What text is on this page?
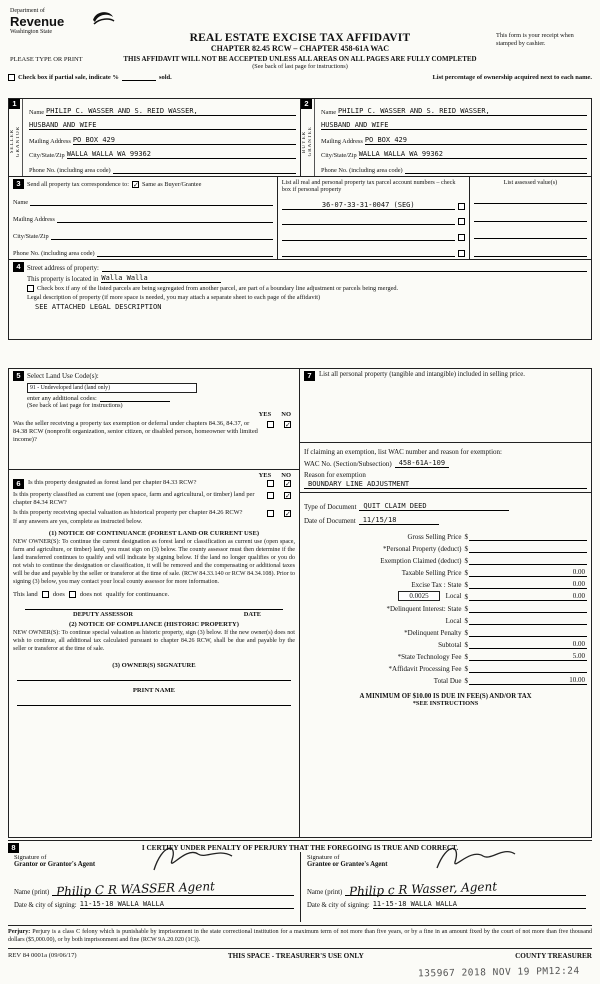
Department of
Revenue
Washington State	REAL ESTATE EXCISE TAX AFFIDAVIT
CHAPTER 82.45 RCW – CHAPTER 458-61A WAC
This form is your receipt when stamped by cashier.
PLEASE TYPE OR PRINT	THIS AFFIDAVIT WILL NOT BE ACCEPTED UNLESS ALL AREAS ON ALL PAGES ARE FULLY COMPLETED
(See back of last page for instructions)
Check box if partial sale, indicate %	sold.	List percentage of ownership acquired next to each name.
1
SELLER GRANTOR
Name PHILIP C. WASSER AND S. REID WASSER,
HUSBAND AND WIFE
Mailing Address PO BOX 429
City/State/Zip WALLA WALLA WA 99362
Phone No. (including area code)
2
BUYER GRANTEE
Name PHILIP C. WASSER AND S. REID WASSER,
HUSBAND AND WIFE
Mailing Address PO BOX 429
City/State/Zip WALLA WALLA WA 99362
Phone No. (including area code)
3	Send all property tax correspondence to: ✓ Same as Buyer/Grantee
Name
Mailing Address
City/State/Zip
Phone No. (including area code)
List all real and personal property tax parcel account numbers – check box if personal property
36-07-33-31-0047 (SEG)
List assessed value(s)
4 Street address of property:
This property is located in Walla Walla
Check box if any of the listed parcels are being segregated from another parcel, are part of a boundary line adjustment or parcels being merged.
Legal description of property (if more space is needed, you may attach a separate sheet to each page of the affidavit)
SEE ATTACHED LEGAL DESCRIPTION
5 Select Land Use Code(s):
91 - Undeveloped land (land only)
enter any additional codes:
(See back of last page for instructions)
YES NO
Was the seller receiving a property tax exemption or deferral under chapters 84.36, 84.37, or 84.38 RCW (nonprofit organization, senior citizen, or disabled person, homeowner with limited income)?
✓
YES NO
6	Is this property designated as forest land per chapter 84.33 RCW?	✓
Is this property classified as current use (open space, farm and agricultural, or timber) land per chapter 84.34 RCW?
✓
Is this property receiving special valuation as historical property per chapter 84.26 RCW?	✓
If any answers are yes, complete as instructed below.
(1) NOTICE OF CONTINUANCE (FOREST LAND OR CURRENT USE)
NEW OWNER(S): To continue the current designation as forest land or classification as current use (open space, farm and agriculture, or timber) land, you must sign on (3) below. The county assessor must then determine if the land transferred continues to qualify and will indicate by signing below. If the land no longer qualifies or you do not wish to continue the designation or classification, it will be removed and the compensating or additional taxes will be due and payable by the seller or transferor at the time of sale. (RCW 84.33.140 or RCW 84.34.108). Prior to signing (3) below, you may contact your local county assessor for more information.
This land does does not qualify for continuance.
DEPUTY ASSESSOR	DATE
(2) NOTICE OF COMPLIANCE (HISTORIC PROPERTY)
NEW OWNER(S): To continue special valuation as historic property, sign (3) below. If the new owner(s) does not wish to continue, all additional tax calculated pursuant to chapter 84.26 RCW, shall be due and payable by the seller or transferor at the time of sale.
(3) OWNER(S) SIGNATURE
PRINT NAME
7	List all personal property (tangible and intangible) included in selling price.
If claiming an exemption, list WAC number and reason for exemption:
WAC No. (Section/Subsection)	458-61A-109
Reason for exemption
BOUNDARY LINE ADJUSTMENT
Type of Document	QUIT CLAIM DEED
Date of Document	11/15/18
Gross Selling Price $
*Personal Property (deduct) $
Exemption Claimed (deduct) $
Taxable Selling Price $	0.00
Excise Tax : State $	0.00
0.0025 Local $	0.00
*Delinquent Interest: State $
Local $
*Delinquent Penalty $
Subtotal $	0.00
*State Technology Fee $	5.00
*Affidavit Processing Fee $
Total Due $	10.00
A MINIMUM OF $10.00 IS DUE IN FEE(S) AND/OR TAX
*SEE INSTRUCTIONS
8	I CERTIFY UNDER PENALTY OF PERJURY THAT THE FOREGOING IS TRUE AND CORRECT.
Signature of
Grantor or Grantor's Agent
Name (print) Philip C R WASSER Agent
Date & city of signing: 11-15-18 WALLA WALLA
Signature of
Grantee or Grantee's Agent
Name (print) Philip c R Wasser, Agent
Date & city of signing: 11-15-18 WALLA WALLA
Perjury: Perjury is a class C felony which is punishable by imprisonment in the state correctional institution for a maximum term of not more than five years, or by a fine in an amount fixed by the court of not more than five thousand dollars ($5,000.00), or by both imprisonment and fine (RCW 9A.20.020 (1C)).
REV 84 0001a (09/06/17)	THIS SPACE - TREASURER'S USE ONLY	COUNTY TREASURER
135967 2018 NOV 19 PM12:24
